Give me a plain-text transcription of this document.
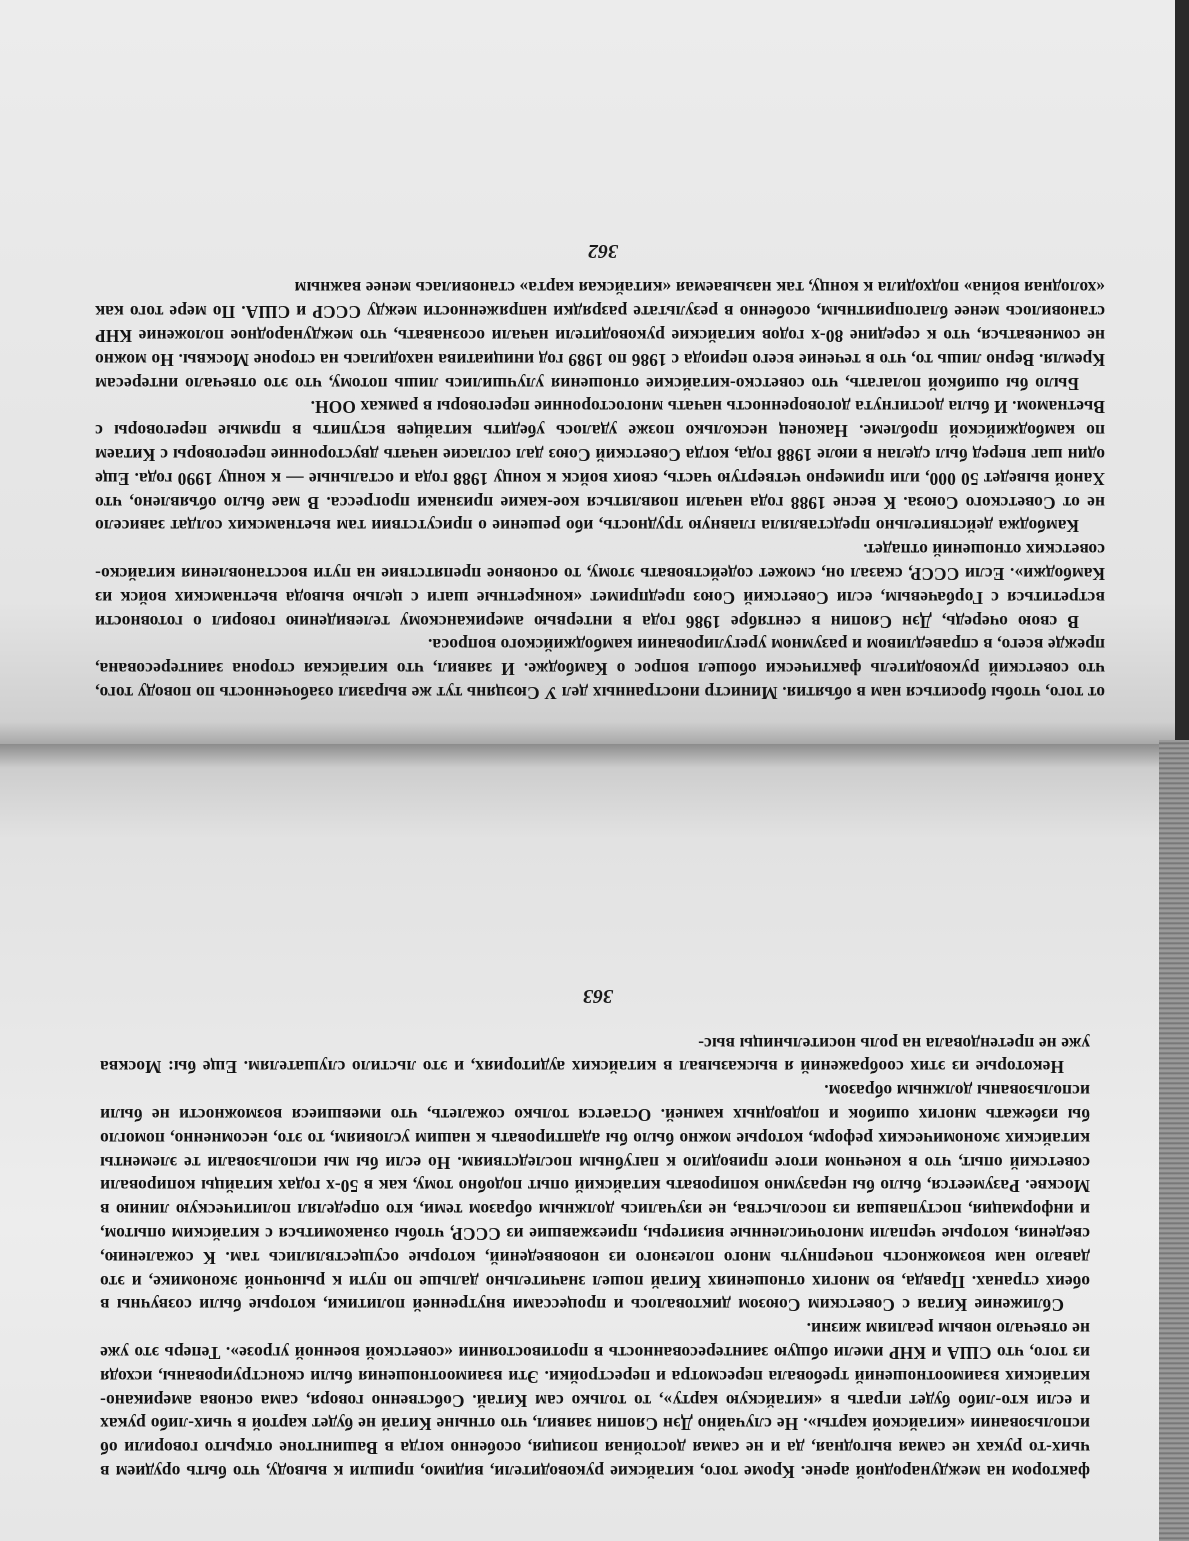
от того, чтобы броситься нам в объятия. Министр иностранных дел У Сюэцянь тут же выразил озабоченность по поводу того, что советский руководитель фактически обошел вопрос о Камбодже. И заявил, что китайская сторона заинтересована, прежде всего, в справедливом и разумном урегулировании камбоджийского вопроса.

В свою очередь, Дэн Сяопин в сентябре 1986 года в интервью американскому телевидению говорил о готовности встретиться с Горбачевым, если Советский Союз предпримет «конкретные шаги с целью вывода вьетнамских войск из Камбоджи». Если СССР, сказал он, сможет содействовать этому, то основное препятствие на пути восстановления китайско-советских отношений отпадет.

Камбоджа действительно представляла главную трудность, ибо решение о присутствии там вьетнамских солдат зависело не от Советского Союза. К весне 1988 года начали появляться кое-какие признаки прогресса. В мае было объявлено, что Ханой выведет 50 000, или примерно четвертую часть, своих войск к концу 1988 года и остальные — к концу 1990 года. Еще один шаг вперед был сделан в июле 1988 года, когда Советский Союз дал согласие начать двусторонние переговоры с Китаем по камбоджийской проблеме. Наконец несколько позже удалось убедить китайцев вступить в прямые переговоры с Вьетнамом. И была достигнута договоренность начать многосторонние переговоры в рамках ООН.

Было бы ошибкой полагать, что советско-китайские отношения улучшились лишь потому, что это отвечало интересам Кремля. Верно лишь то, что в течение всего периода с 1986 по 1989 год инициатива находилась на стороне Москвы. Но можно не сомневаться, что к середине 80-х годов китайские руководители начали осознавать, что международное положение КНР становилось менее благоприятным, особенно в результате разрядки напряженности между СССР и США. По мере того как «холодная война» подходила к концу, так называемая «китайская карта» становилась менее важным

362

фактором на международной арене. Кроме того, китайские руководители, видимо, пришли к выводу, что быть орудием в чьих-то руках не самая выгодная, да и не самая достойная позиция, особенно когда в Вашингтоне открыто говорили об использовании «китайской карты». Не случайно Дэн Сяопин заявил, что отныне Китай не будет картой в чьих-либо руках и если кто-либо будет играть в «китайскую карту», то только сам Китай. Собственно говоря, сама основа американо-китайских взаимоотношений требовала пересмотра и перестройки. Эти взаимоотношения были сконструированы, исходя из того, что США и КНР имели общую заинтересованность в противостоянии «советской военной угрозе». Теперь это уже не отвечало новым реалиям жизни.

Сближение Китая с Советским Союзом диктовалось и процессами внутренней политики, которые были созвучны в обеих странах. Правда, во многих отношениях Китай пошел значительно дальше по пути к рыночной экономике, и это давало нам возможность почерпнуть много полезного из нововведений, которые осуществлялись там. К сожалению, сведения, которые черпали многочисленные визитеры, приезжавшие из СССР, чтобы ознакомиться с китайским опытом, и информация, поступавшая из посольства, не изучались должным образом теми, кто определял политическую линию в Москве. Разумеется, было бы неразумно копировать китайский опыт подобно тому, как в 50-х годах китайцы копировали советский опыт, что в конечном итоге приводило к пагубным последствиям. Но если бы мы использовали те элементы китайских экономических реформ, которые можно было бы адаптировать к нашим условиям, то это, несомненно, помогло бы избежать многих ошибок и подводных камней. Остается только сожалеть, что имевшиеся возможности не были использованы должным образом.

Некоторые из этих соображений я высказывал в китайских аудиториях, и это льстило слушателям. Еще бы: Москва уже не претендовала на роль носительницы выс-

363
